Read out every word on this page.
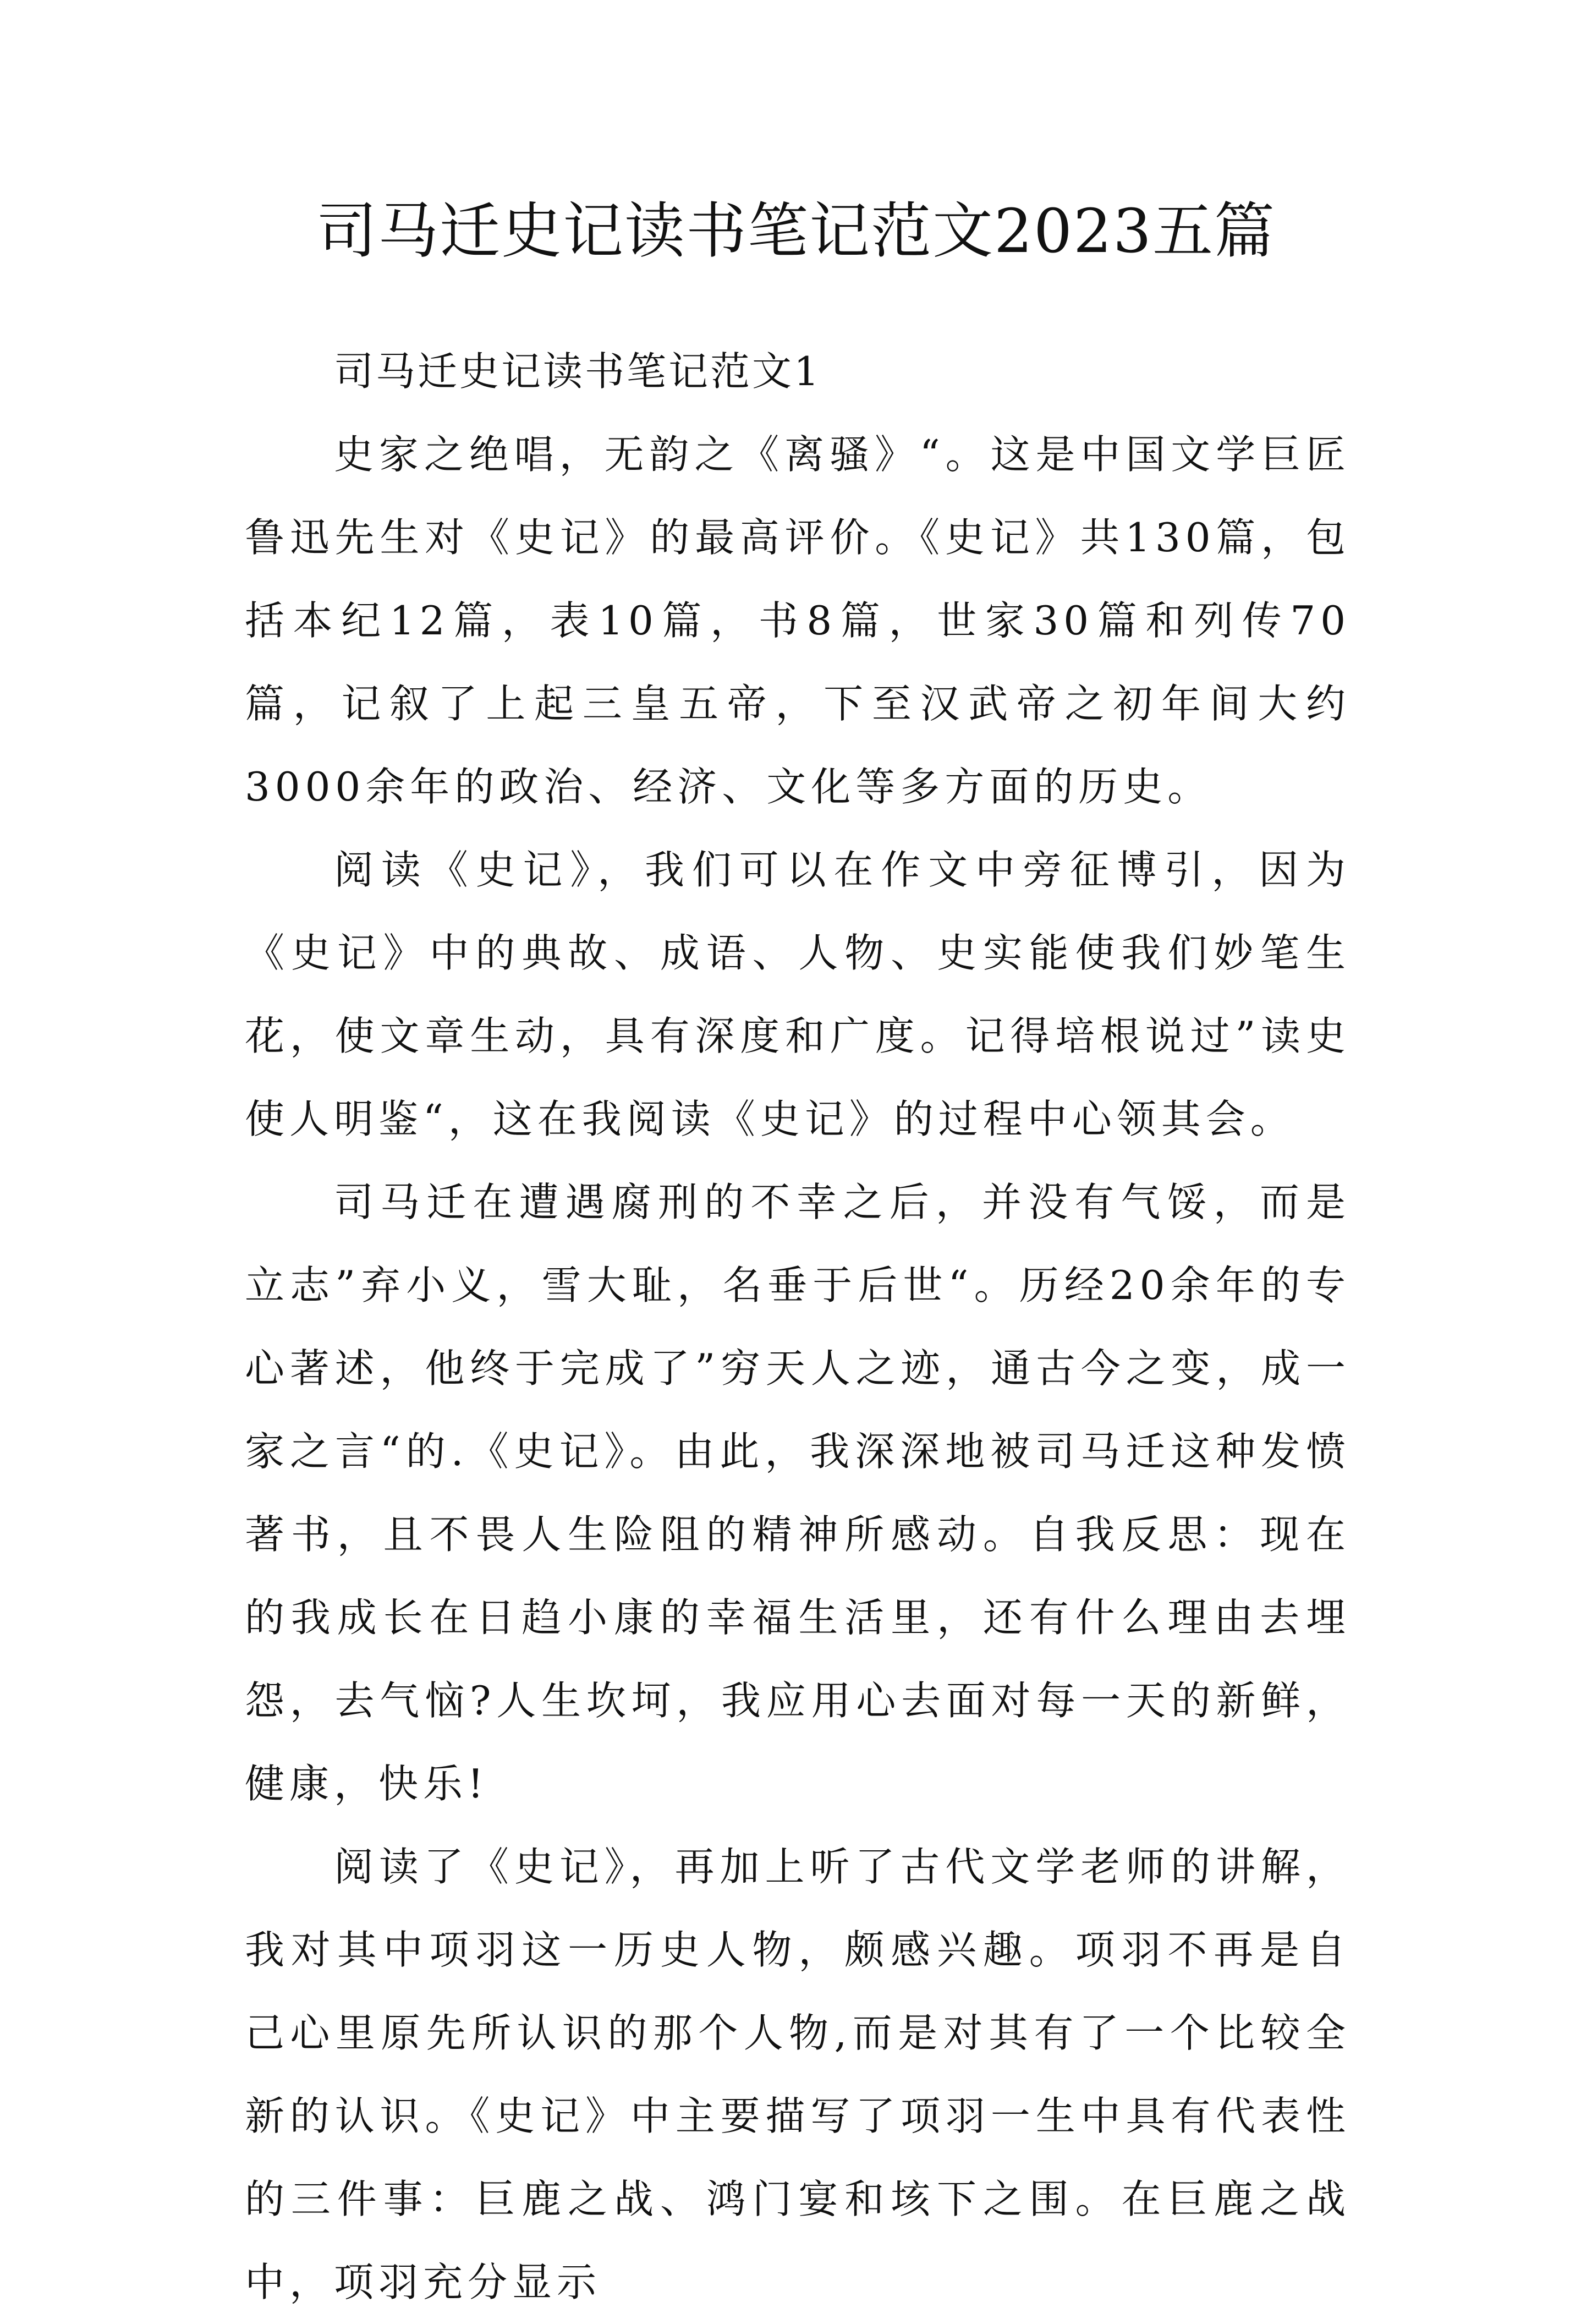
司马迁史记读书笔记范文2023五篇

司马迁史记读书笔记范文1

史家之绝唱，无韵之《离骚》“。这是中国文学巨匠鲁迅先生对《史记》的最高评价。《史记》共130篇，包括本纪12篇，表10篇，书8篇，世家30篇和列传70篇，记叙了上起三皇五帝，下至汉武帝之初年间大约3000余年的政治、经济、文化等多方面的历史。

阅读《史记》，我们可以在作文中旁征博引，因为《史记》中的典故、成语、人物、史实能使我们妙笔生花，使文章生动，具有深度和广度。记得培根说过”读史使人明鉴“，这在我阅读《史记》的过程中心领其会。

司马迁在遭遇腐刑的不幸之后，并没有气馁，而是立志”弃小义，雪大耻，名垂于后世“。历经20余年的专心著述，他终于完成了”穷天人之迹，通古今之变，成一家之言“的.《史记》。由此，我深深地被司马迁这种发愤著书，且不畏人生险阻的精神所感动。自我反思：现在的我成长在日趋小康的幸福生活里，还有什么理由去埋怨，去气恼?人生坎坷，我应用心去面对每一天的新鲜，健康，快乐!

阅读了《史记》，再加上听了古代文学老师的讲解，我对其中项羽这一历史人物，颇感兴趣。项羽不再是自己心里原先所认识的那个人物,而是对其有了一个比较全新的认识。《史记》中主要描写了项羽一生中具有代表性的三件事：巨鹿之战、鸿门宴和垓下之围。在巨鹿之战中，项羽充分显示
